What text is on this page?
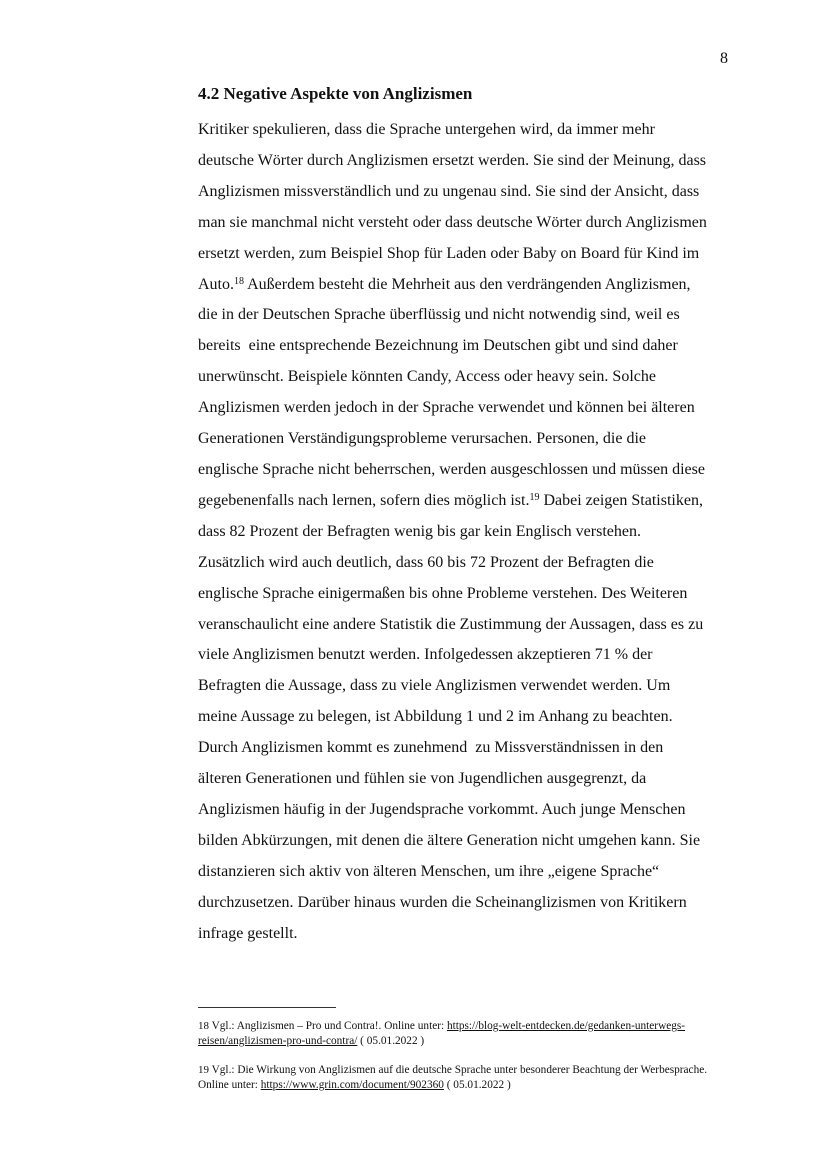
8
4.2 Negative Aspekte von Anglizismen
Kritiker spekulieren, dass die Sprache untergehen wird, da immer mehr
deutsche Wörter durch Anglizismen ersetzt werden. Sie sind der Meinung, dass
Anglizismen missverständlich und zu ungenau sind. Sie sind der Ansicht, dass
man sie manchmal nicht versteht oder dass deutsche Wörter durch Anglizismen
ersetzt werden, zum Beispiel Shop für Laden oder Baby on Board für Kind im
Auto.$^{18}$ Außerdem besteht die Mehrheit aus den verdrängenden Anglizismen,
die in der Deutschen Sprache überflüssig und nicht notwendig sind, weil es
bereits  eine entsprechende Bezeichnung im Deutschen gibt und sind daher
unerwünscht. Beispiele könnten Candy, Access oder heavy sein. Solche
Anglizismen werden jedoch in der Sprache verwendet und können bei älteren
Generationen Verständigungsprobleme verursachen. Personen, die die
englische Sprache nicht beherrschen, werden ausgeschlossen und müssen diese
gegebenenfalls nach lernen, sofern dies möglich ist.$^{19}$ Dabei zeigen Statistiken,
dass 82 Prozent der Befragten wenig bis gar kein Englisch verstehen.
Zusätzlich wird auch deutlich, dass 60 bis 72 Prozent der Befragten die
englische Sprache einigermaßen bis ohne Probleme verstehen. Des Weiteren
veranschaulicht eine andere Statistik die Zustimmung der Aussagen, dass es zu
viele Anglizismen benutzt werden. Infolgedessen akzeptieren 71 % der
Befragten die Aussage, dass zu viele Anglizismen verwendet werden. Um
meine Aussage zu belegen, ist Abbildung 1 und 2 im Anhang zu beachten.
Durch Anglizismen kommt es zunehmend  zu Missverständnissen in den
älteren Generationen und fühlen sie von Jugendlichen ausgegrenzt, da
Anglizismen häufig in der Jugendsprache vorkommt. Auch junge Menschen
bilden Abkürzungen, mit denen die ältere Generation nicht umgehen kann. Sie
distanzieren sich aktiv von älteren Menschen, um ihre „eigene Sprache“
durchzusetzen. Darüber hinaus wurden die Scheinanglizismen von Kritikern
infrage gestellt.
18 Vgl.: Anglizismen – Pro und Contra!. Online unter: https://blog-welt-entdecken.de/gedanken-unterwegs-reisen/anglizismen-pro-und-contra/ ( 05.01.2022 )
19 Vgl.: Die Wirkung von Anglizismen auf die deutsche Sprache unter besonderer Beachtung der Werbesprache. Online unter: https://www.grin.com/document/902360 ( 05.01.2022 )
